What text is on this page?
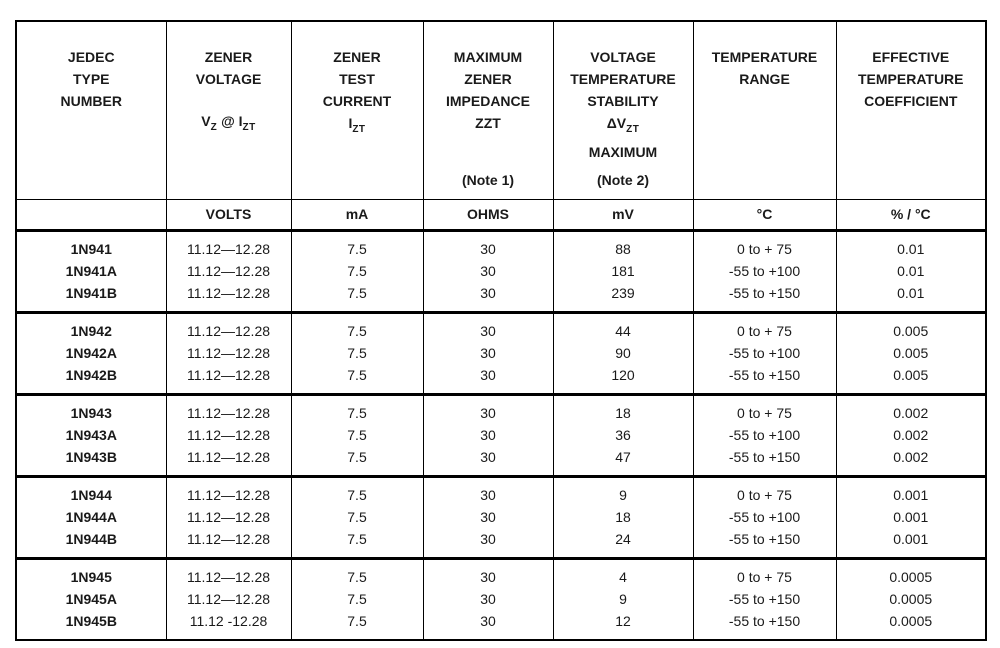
JEDEC
TYPE
NUMBER

ZENER
VOLTAGE
$V_Z$ @ $I_{ZT}$

ZENER
TEST
CURRENT
$I_{ZT}$

MAXIMUM
ZENER
IMPEDANCE
ZZT
(Note 1)

VOLTAGE
TEMPERATURE
STABILITY
$\Delta V_{ZT}$
MAXIMUM
(Note 2)

TEMPERATURE
RANGE

EFFECTIVE
TEMPERATURE
COEFFICIENT

	VOLTS	mA	OHMS	mV	°C	% / °C
1N941	11.12—12.28	7.5	30	88	0 to + 75	0.01
1N941A	11.12—12.28	7.5	30	181	-55 to +100	0.01
1N941B	11.12—12.28	7.5	30	239	-55 to +150	0.01
1N942	11.12—12.28	7.5	30	44	0 to + 75	0.005
1N942A	11.12—12.28	7.5	30	90	-55 to +100	0.005
1N942B	11.12—12.28	7.5	30	120	-55 to +150	0.005
1N943	11.12—12.28	7.5	30	18	0 to + 75	0.002
1N943A	11.12—12.28	7.5	30	36	-55 to +100	0.002
1N943B	11.12—12.28	7.5	30	47	-55 to +150	0.002
1N944	11.12—12.28	7.5	30	9	0 to + 75	0.001
1N944A	11.12—12.28	7.5	30	18	-55 to +100	0.001
1N944B	11.12—12.28	7.5	30	24	-55 to +150	0.001
1N945	11.12—12.28	7.5	30	4	0 to + 75	0.0005
1N945A	11.12—12.28	7.5	30	9	-55 to +150	0.0005
1N945B	11.12 -12.28	7.5	30	12	-55 to +150	0.0005
